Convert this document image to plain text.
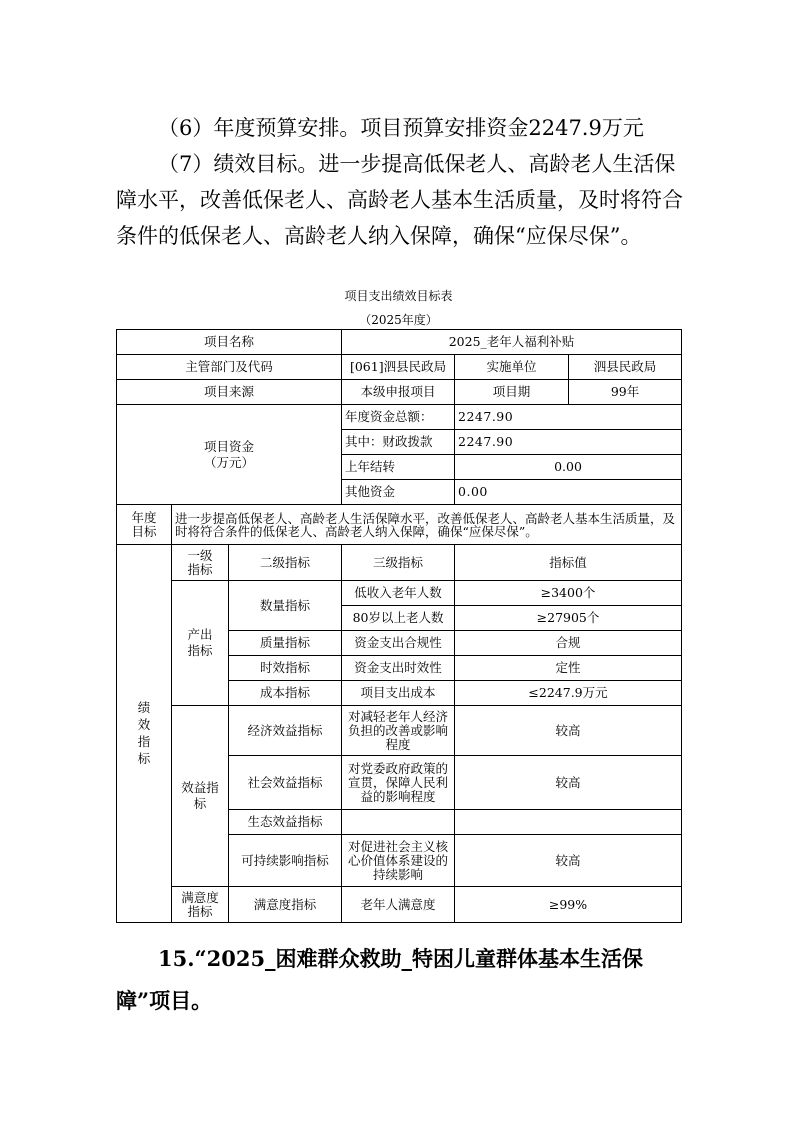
（6）年度预算安排。项目预算安排资金2247.9万元

（7）绩效目标。进一步提高低保老人、高龄老人生活保障水平，改善低保老人、高龄老人基本生活质量，及时将符合条件的低保老人、高龄老人纳入保障，确保“应保尽保”。

项目支出绩效目标表
（2025年度）
项目名称			2025_老年人福利补贴		
主管部门及代码			[061]泗县民政局	实施单位	泗县民政局
项目来源			本级申报项目	项目期	99年
项目资金（万元）			年度资金总额：	2247.90	
			其中：财政拨款	2247.90	
			上年结转	0.00	
			其他资金	0.00	
年度目标	进一步提高低保老人、高龄老人生活保障水平，改善低保老人、高龄老人基本生活质量，及时将符合条件的低保老人、高龄老人纳入保障，确保“应保尽保”。				
绩效指标	一级指标	二级指标	三级指标	指标值	
	产出指标	数量指标	低收入老年人数	≥3400个	
			80岁以上老人数	≥27905个	
		质量指标	资金支出合规性	合规	
		时效指标	资金支出时效性	定性	
		成本指标	项目支出成本	≤2247.9万元	
	效益指标	经济效益指标	对减轻老年人经济负担的改善或影响程度	较高	
		社会效益指标	对党委政府政策的宣贯，保障人民利益的影响程度	较高	
		生态效益指标			
		可持续影响指标	对促进社会主义核心价值体系建设的持续影响	较高	
	满意度指标	满意度指标	老年人满意度	≥99%	

15.“2025_困难群众救助_特困儿童群体基本生活保障”项目。
